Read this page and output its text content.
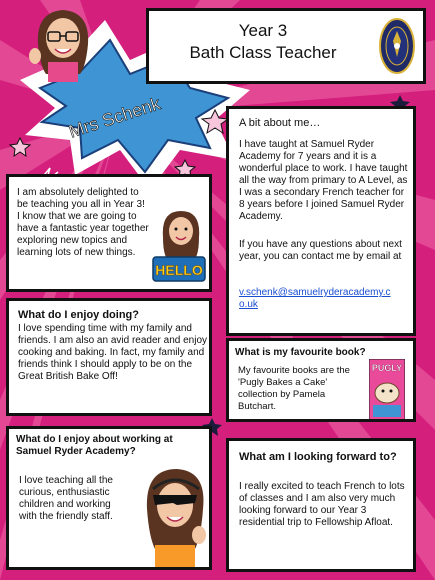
Mrs Schenk
Year 3
Bath Class Teacher
A bit about me…

I have taught at Samuel Ryder Academy for 7 years and it is a wonderful place to work. I have taught all the way from primary to A Level, as I was a secondary French teacher for 8 years before I joined Samuel Ryder Academy.

If you have any questions about next year, you can contact me by email at

v.schenk@samuelryderacademy.c
o.uk

I am absolutely delighted to be teaching you all in Year 3! I know that we are going to have a fantastic year together exploring new topics and learning lots of new things.

HELLO
What do I enjoy doing?

I love spending time with my family and friends. I am also an avid reader and enjoy cooking and baking. In fact, my family and friends think I should apply to be on the Great British Bake Off!

What is my favourite book?

My favourite books are the 'Pugly Bakes a Cake' collection by Pamela Butchart.

PUGLY
What do I enjoy about working at Samuel Ryder Academy?

I love teaching all the curious, enthusiastic children and working with the friendly staff.

What am I looking forward to?

I really excited to teach French to lots of classes and I am also very much looking forward to our Year 3 residential trip to Fellowship Afloat.
